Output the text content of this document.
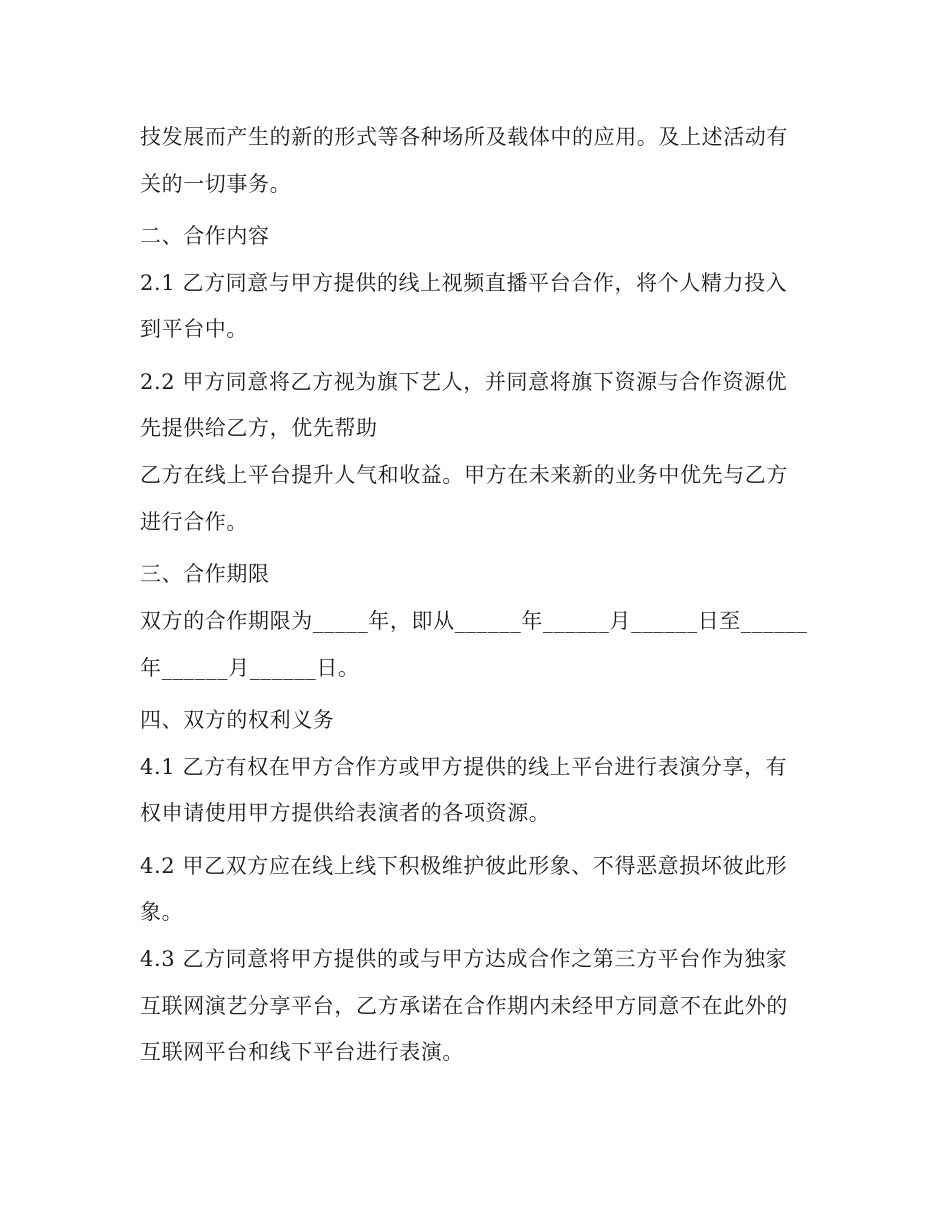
技发展而产生的新的形式等各种场所及载体中的应用。及上述活动有

关的一切事务。

二、合作内容

2.1 乙方同意与甲方提供的线上视频直播平台合作，将个人精力投入

到平台中。

2.2 甲方同意将乙方视为旗下艺人，并同意将旗下资源与合作资源优

先提供给乙方，优先帮助

乙方在线上平台提升人气和收益。甲方在未来新的业务中优先与乙方

进行合作。

三、合作期限

双方的合作期限为_____年，即从______年______月______日至______

年______月______日。

四、双方的权利义务

4.1 乙方有权在甲方合作方或甲方提供的线上平台进行表演分享，有

权申请使用甲方提供给表演者的各项资源。

4.2 甲乙双方应在线上线下积极维护彼此形象、不得恶意损坏彼此形

象。

4.3 乙方同意将甲方提供的或与甲方达成合作之第三方平台作为独家

互联网演艺分享平台，乙方承诺在合作期内未经甲方同意不在此外的

互联网平台和线下平台进行表演。
